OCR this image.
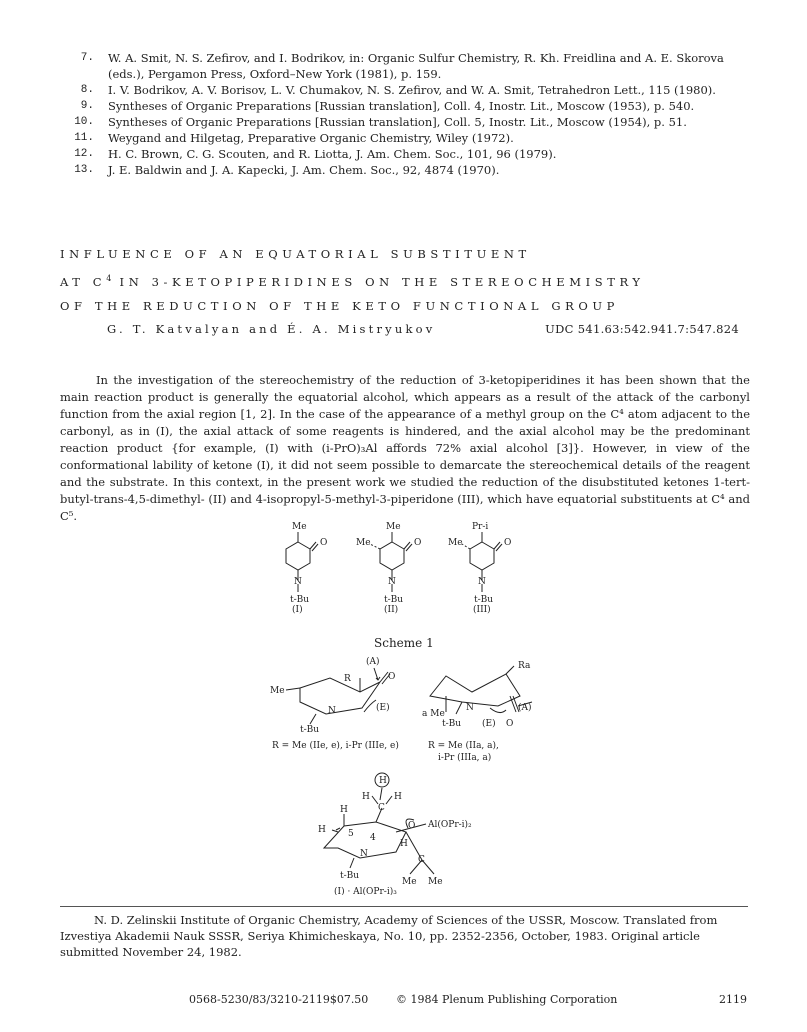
7.	W. A. Smit, N. S. Zefirov, and I. Bodrikov, in: Organic Sulfur Chemistry, R. Kh. Freidlina and A. E. Skorova (eds.), Pergamon Press, Oxford–New York (1981), p. 159.
8.	I. V. Bodrikov, A. V. Borisov, L. V. Chumakov, N. S. Zefirov, and W. A. Smit, Tetrahedron Lett., 115 (1980).
9.	Syntheses of Organic Preparations [Russian translation], Coll. 4, Inostr. Lit., Moscow (1953), p. 540.
10.	Syntheses of Organic Preparations [Russian translation], Coll. 5, Inostr. Lit., Moscow (1954), p. 51.
11.	Weygand and Hilgetag, Preparative Organic Chemistry, Wiley (1972).
12.	H. C. Brown, C. G. Scouten, and R. Liotta, J. Am. Chem. Soc., 101, 96 (1979).
13.	J. E. Baldwin and J. A. Kapecki, J. Am. Chem. Soc., 92, 4874 (1970).
INFLUENCE OF AN EQUATORIAL SUBSTITUENT
AT $C^4$ IN 3-KETOPIPERIDINES ON THE STEREOCHEMISTRY
OF THE REDUCTION OF THE KETO FUNCTIONAL GROUP
G. T. Katvalyan and É. A. Mistryukov	UDC 541.63:542.941.7:547.824

In the investigation of the stereochemistry of the reduction of 3-ketopiperidines it has been shown that the main reaction product is generally the equatorial alcohol, which appears as a result of the attack of the carbonyl function from the axial region [1, 2]. In the case of the appearance of a methyl group on the C⁴ atom adjacent to the carbonyl, as in (I), the axial attack of some reagents is hindered, and the axial alcohol may be the predominant reaction product {for example, (I) with (i-PrO)₃Al affords 72% axial alcohol [3]}. However, in view of the conformational lability of ketone (I), it did not seem possible to demarcate the stereochemical details of the reagent and the substrate. In this context, in the present work we studied the reduction of the disubstituted ketones 1-tert-butyl-trans-4,5-dimethyl- (II) and 4-isopropyl-5-methyl-3-piperidone (III), which have equatorial substituents at C⁴ and C⁵.

Me
O
N
t-Bu
(I)
Me
Me	O
N
t-Bu
(II)
Pr-i
Me	O
N
t-Bu
(III)
Scheme 1
Me
R
(A)
O
N	(E)
t-Bu
Ra
N	(A)
a Me
t-Bu (E) O
R = Me (IIe, e), i-Pr (IIIe, e)	R = Me (IIa, a),
i-Pr (IIIa, a)
H
H	H
C
H
H 5 4
O Al(OPr-i)₂
H
C
N
t-Bu
Me Me
(I) · Al(OPr-i)₃
N. D. Zelinskii Institute of Organic Chemistry, Academy of Sciences of the USSR, Moscow. Translated from Izvestiya Akademii Nauk SSSR, Seriya Khimicheskaya, No. 10, pp. 2352-2356, October, 1983. Original article submitted November 24, 1982.
0568-5230/83/3210-2119$07.50	© 1984 Plenum Publishing Corporation	2119
